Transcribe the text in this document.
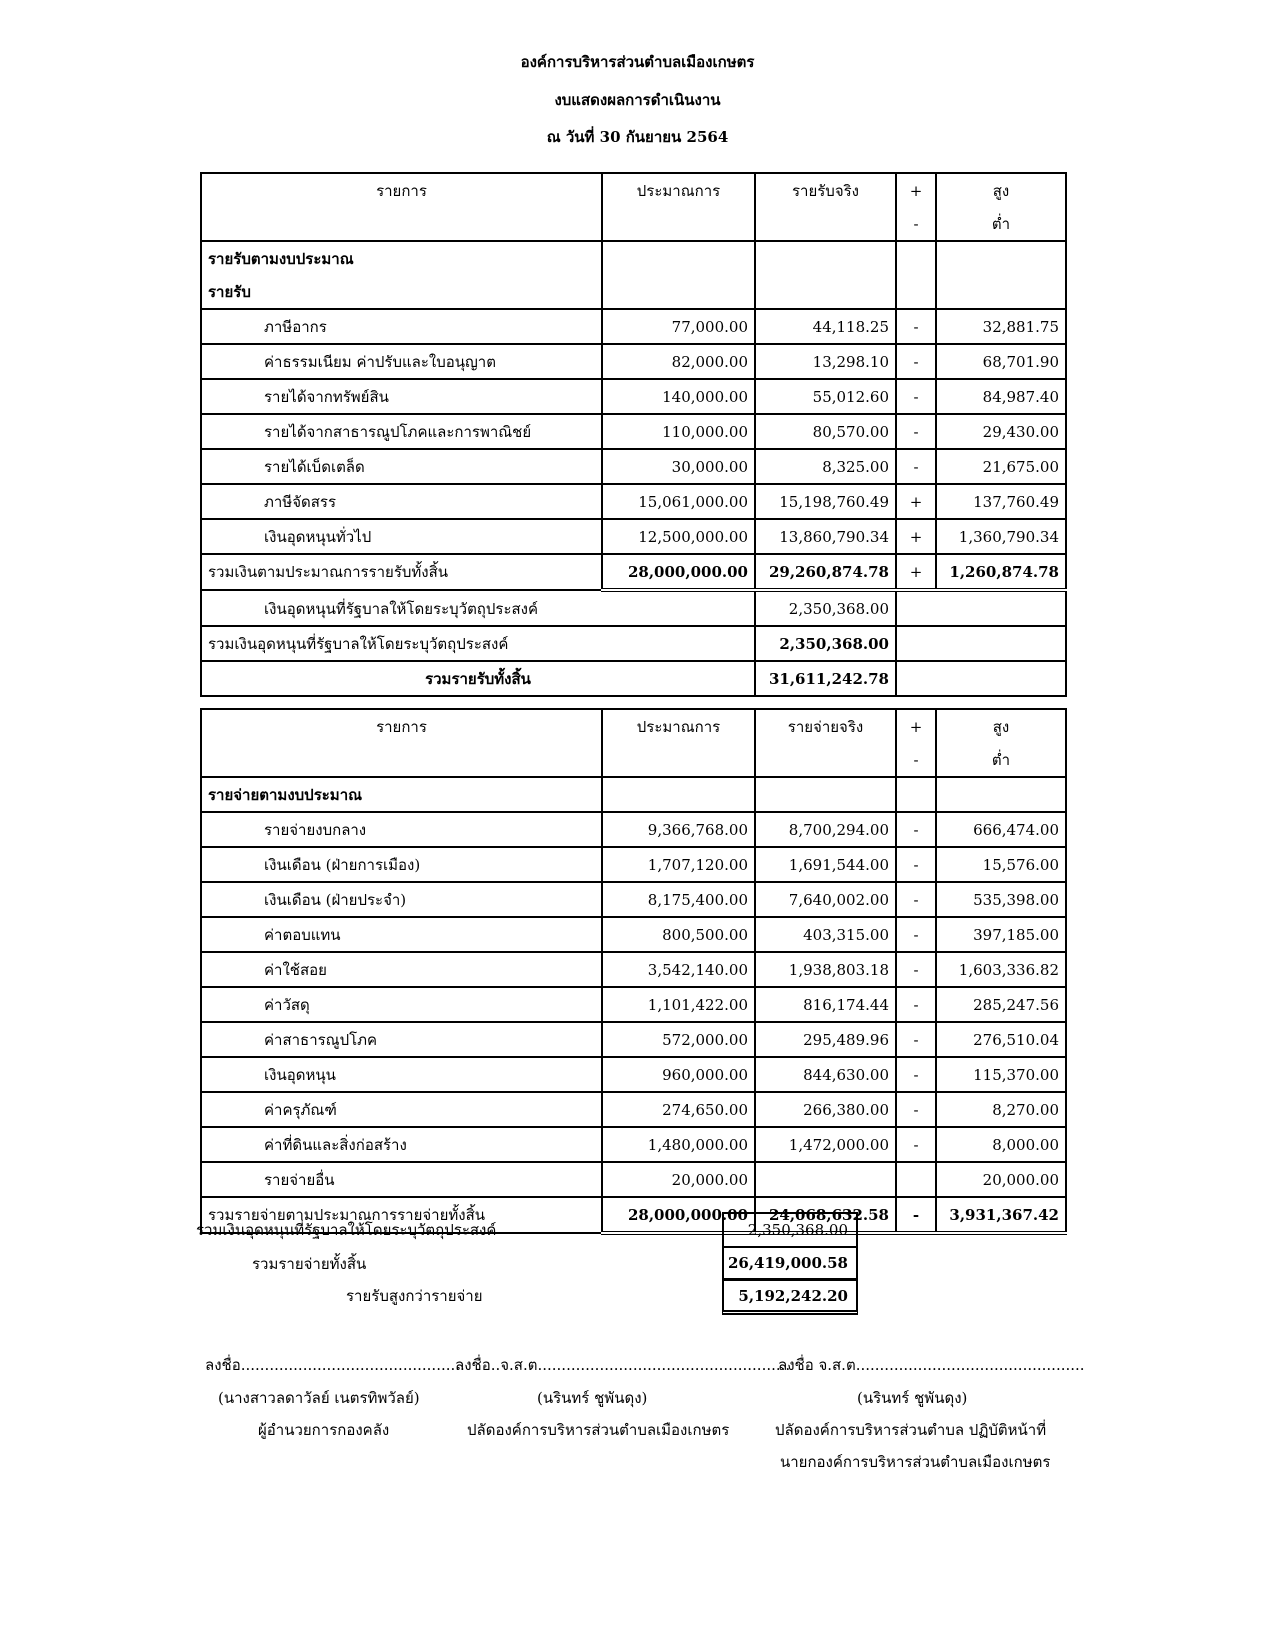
องค์การบริหารส่วนตำบลเมืองเกษตร
งบแสดงผลการดำเนินงาน
ณ วันที่ 30 กันยายน 2564
รายการ	ประมาณการ	รายรับจริง	+	สูง
			-	ต่ำ
รายรับตามงบประมาณ				
รายรับ				
ภาษีอากร	77,000.00	44,118.25	-	32,881.75
ค่าธรรมเนียม ค่าปรับและใบอนุญาต	82,000.00	13,298.10	-	68,701.90
รายได้จากทรัพย์สิน	140,000.00	55,012.60	-	84,987.40
รายได้จากสาธารณูปโภคและการพาณิชย์	110,000.00	80,570.00	-	29,430.00
รายได้เบ็ดเตล็ด	30,000.00	8,325.00	-	21,675.00
ภาษีจัดสรร	15,061,000.00	15,198,760.49	+	137,760.49
เงินอุดหนุนทั่วไป	12,500,000.00	13,860,790.34	+	1,360,790.34
รวมเงินตามประมาณการรายรับทั้งสิ้น	28,000,000.00	29,260,874.78	+	1,260,874.78
เงินอุดหนุนที่รัฐบาลให้โดยระบุวัตถุประสงค์		2,350,368.00		
รวมเงินอุดหนุนที่รัฐบาลให้โดยระบุวัตถุประสงค์		2,350,368.00		
รวมรายรับทั้งสิ้น		31,611,242.78		
รายการ	ประมาณการ	รายจ่ายจริง	+	สูง
			-	ต่ำ
รายจ่ายตามงบประมาณ				
รายจ่ายงบกลาง	9,366,768.00	8,700,294.00	-	666,474.00
เงินเดือน (ฝ่ายการเมือง)	1,707,120.00	1,691,544.00	-	15,576.00
เงินเดือน (ฝ่ายประจำ)	8,175,400.00	7,640,002.00	-	535,398.00
ค่าตอบแทน	800,500.00	403,315.00	-	397,185.00
ค่าใช้สอย	3,542,140.00	1,938,803.18	-	1,603,336.82
ค่าวัสดุ	1,101,422.00	816,174.44	-	285,247.56
ค่าสาธารณูปโภค	572,000.00	295,489.96	-	276,510.04
เงินอุดหนุน	960,000.00	844,630.00	-	115,370.00
ค่าครุภัณฑ์	274,650.00	266,380.00	-	8,270.00
ค่าที่ดินและสิ่งก่อสร้าง	1,480,000.00	1,472,000.00	-	8,000.00
รายจ่ายอื่น	20,000.00			20,000.00
รวมรายจ่ายตามประมาณการรายจ่ายทั้งสิ้น	28,000,000.00	24,068,632.58	-	3,931,367.42
รวมเงินอุดหนุนที่รัฐบาลให้โดยระบุวัตถุประสงค์	2,350,368.00
รวมรายจ่ายทั้งสิ้น	26,419,000.58
รายรับสูงกว่ารายจ่าย	5,192,242.20
ลงชื่อ...............................................
(นางสาวลดาวัลย์ เนตรทิพวัลย์)
ผู้อำนวยการกองคลัง
ลงชื่อ..จ.ส.ต.....................................................
(นรินทร์ ชูพันดุง)
ปลัดองค์การบริหารส่วนตำบลเมืองเกษตร
ลงชื่อ จ.ส.ต................................................
(นรินทร์ ชูพันดุง)
ปลัดองค์การบริหารส่วนตำบล ปฏิบัติหน้าที่
นายกองค์การบริหารส่วนตำบลเมืองเกษตร
